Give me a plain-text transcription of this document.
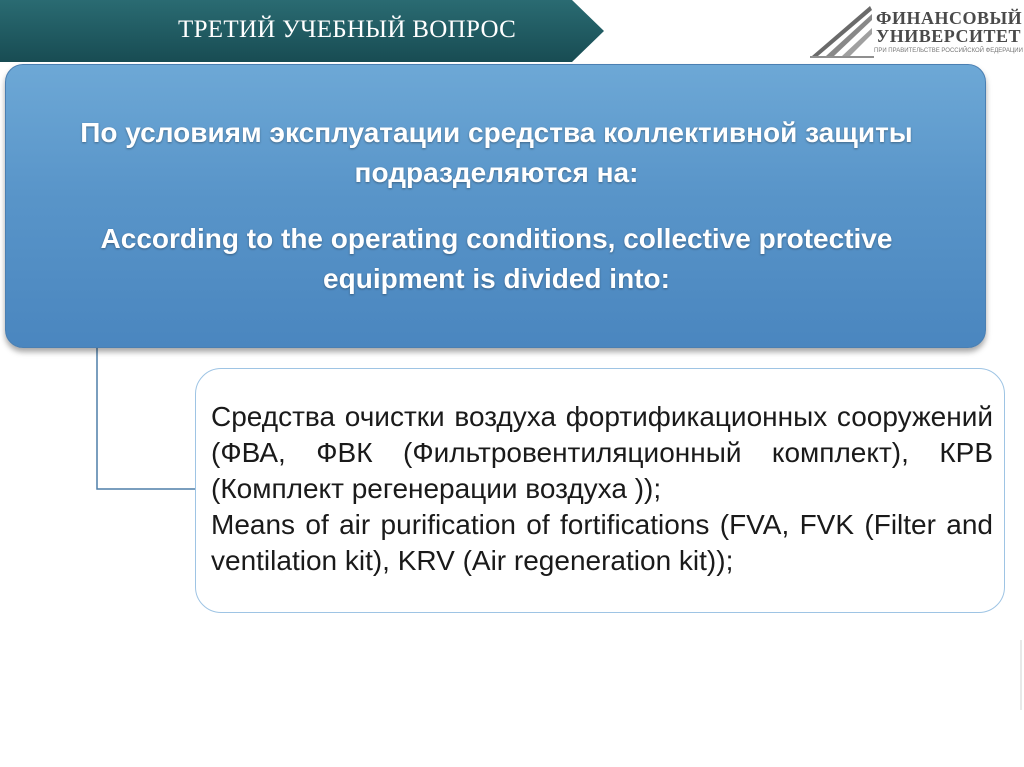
ТРЕТИЙ УЧЕБНЫЙ ВОПРОС	ФИНАНСОВЫЙ
УНИВЕРСИТЕТ
ПРИ ПРАВИТЕЛЬСТВЕ РОССИЙСКОЙ ФЕДЕРАЦИИ
По условиям эксплуатации средства коллективной защиты подразделяются на:
According to the operating conditions, collective protective equipment is divided into:
Средства очистки воздуха фортификационных сооружений (ФВА, ФВК (Фильтровентиляционный комплект), КРВ (Комплект регенерации воздуха ));
Means of air purification of fortifications (FVA, FVK (Filter and ventilation kit), KRV (Air regeneration kit));
